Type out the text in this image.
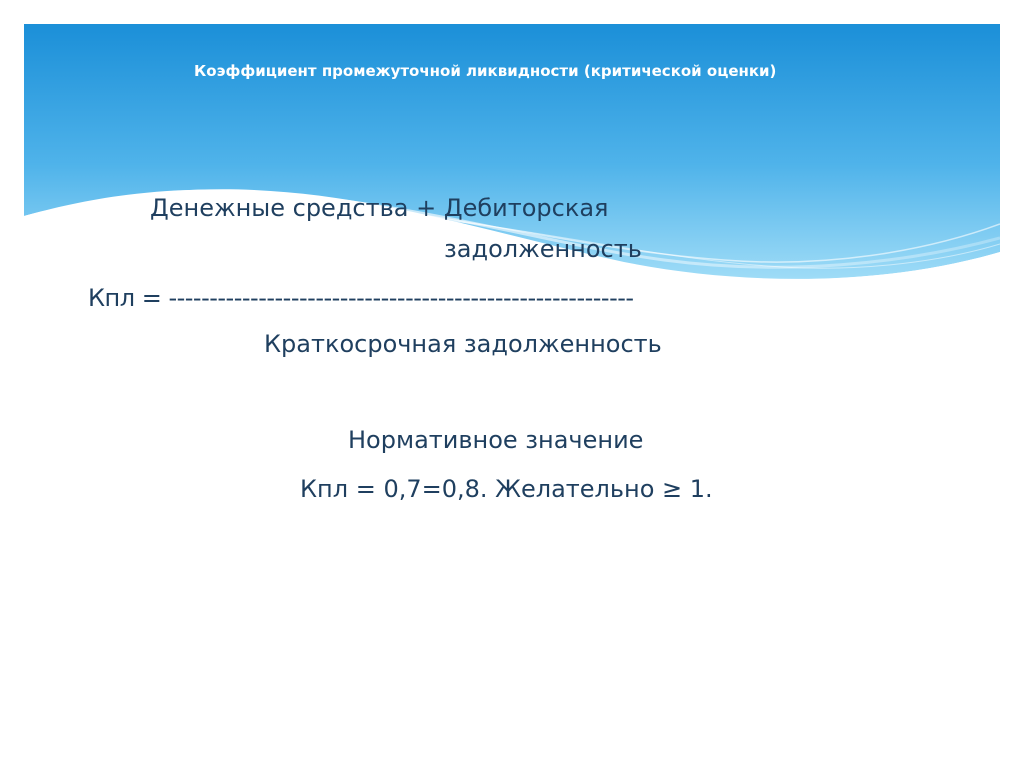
Коэффициент промежуточной ликвидности (критической оценки)
Денежные средства + Дебиторская
задолженность
Кпл = ---------------------------------------------------------
Краткосрочная задолженность
Нормативное значение
Кпл = 0,7=0,8. Желательно ≥ 1.
